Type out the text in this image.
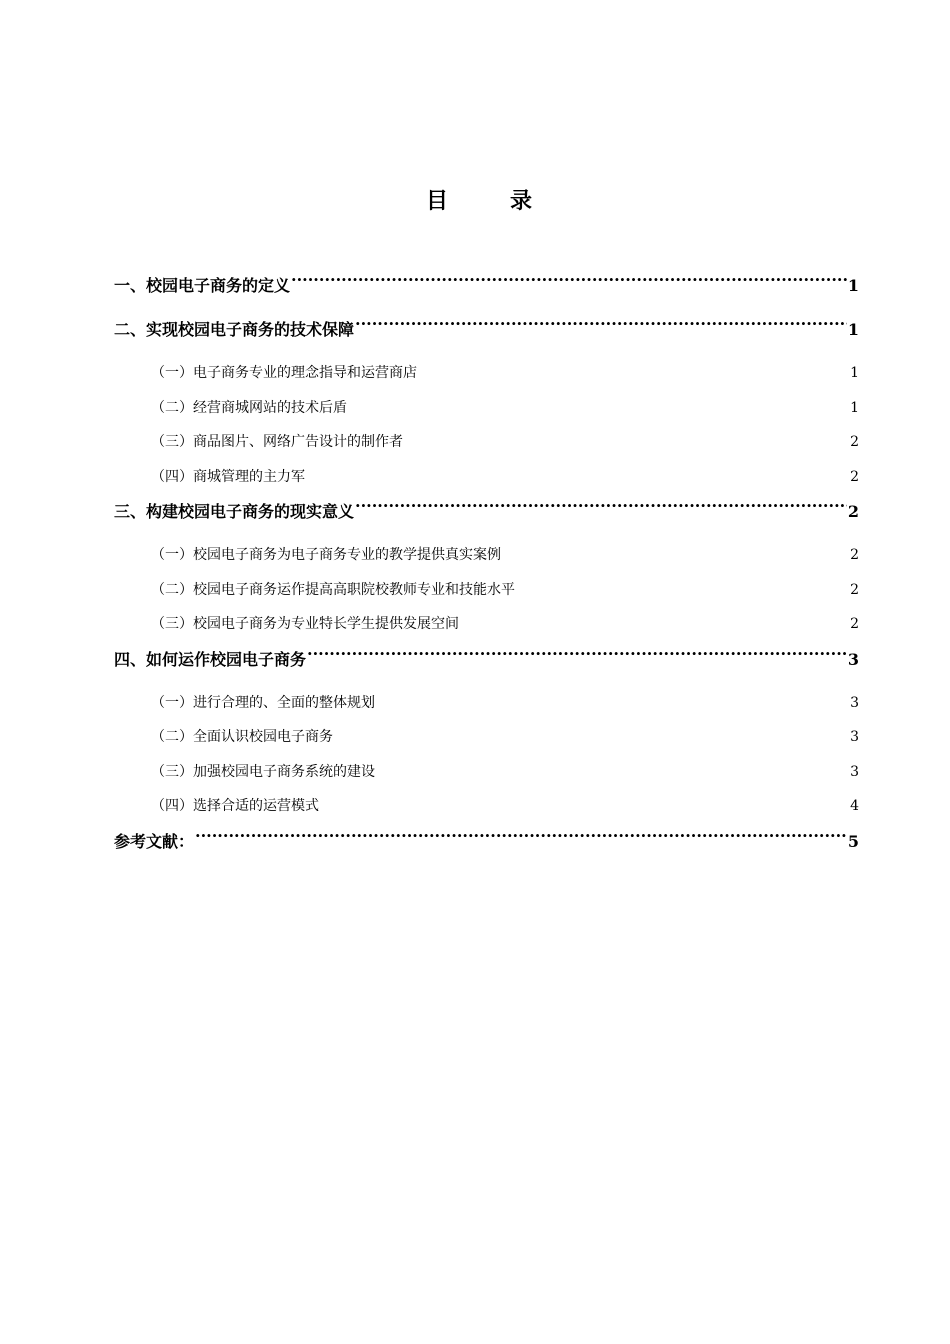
目　录
一、校园电子商务的定义 .....	1
二、实现校园电子商务的技术保障 .....	1
（一）电子商务专业的理念指导和运营商店 .....	1
（二）经营商城网站的技术后盾 .....	1
（三）商品图片、网络广告设计的制作者 .....	2
（四）商城管理的主力军 .....	2
三、构建校园电子商务的现实意义 .....	2
（一）校园电子商务为电子商务专业的教学提供真实案例 .....	2
（二）校园电子商务运作提高高职院校教师专业和技能水平 .....	2
（三）校园电子商务为专业特长学生提供发展空间 .....	2
四、如何运作校园电子商务 .....	3
（一）进行合理的、全面的整体规划 .....	3
（二）全面认识校园电子商务 .....	3
（三）加强校园电子商务系统的建设 .....	3
（四）选择合适的运营模式 .....	4
参考文献： .....	5
